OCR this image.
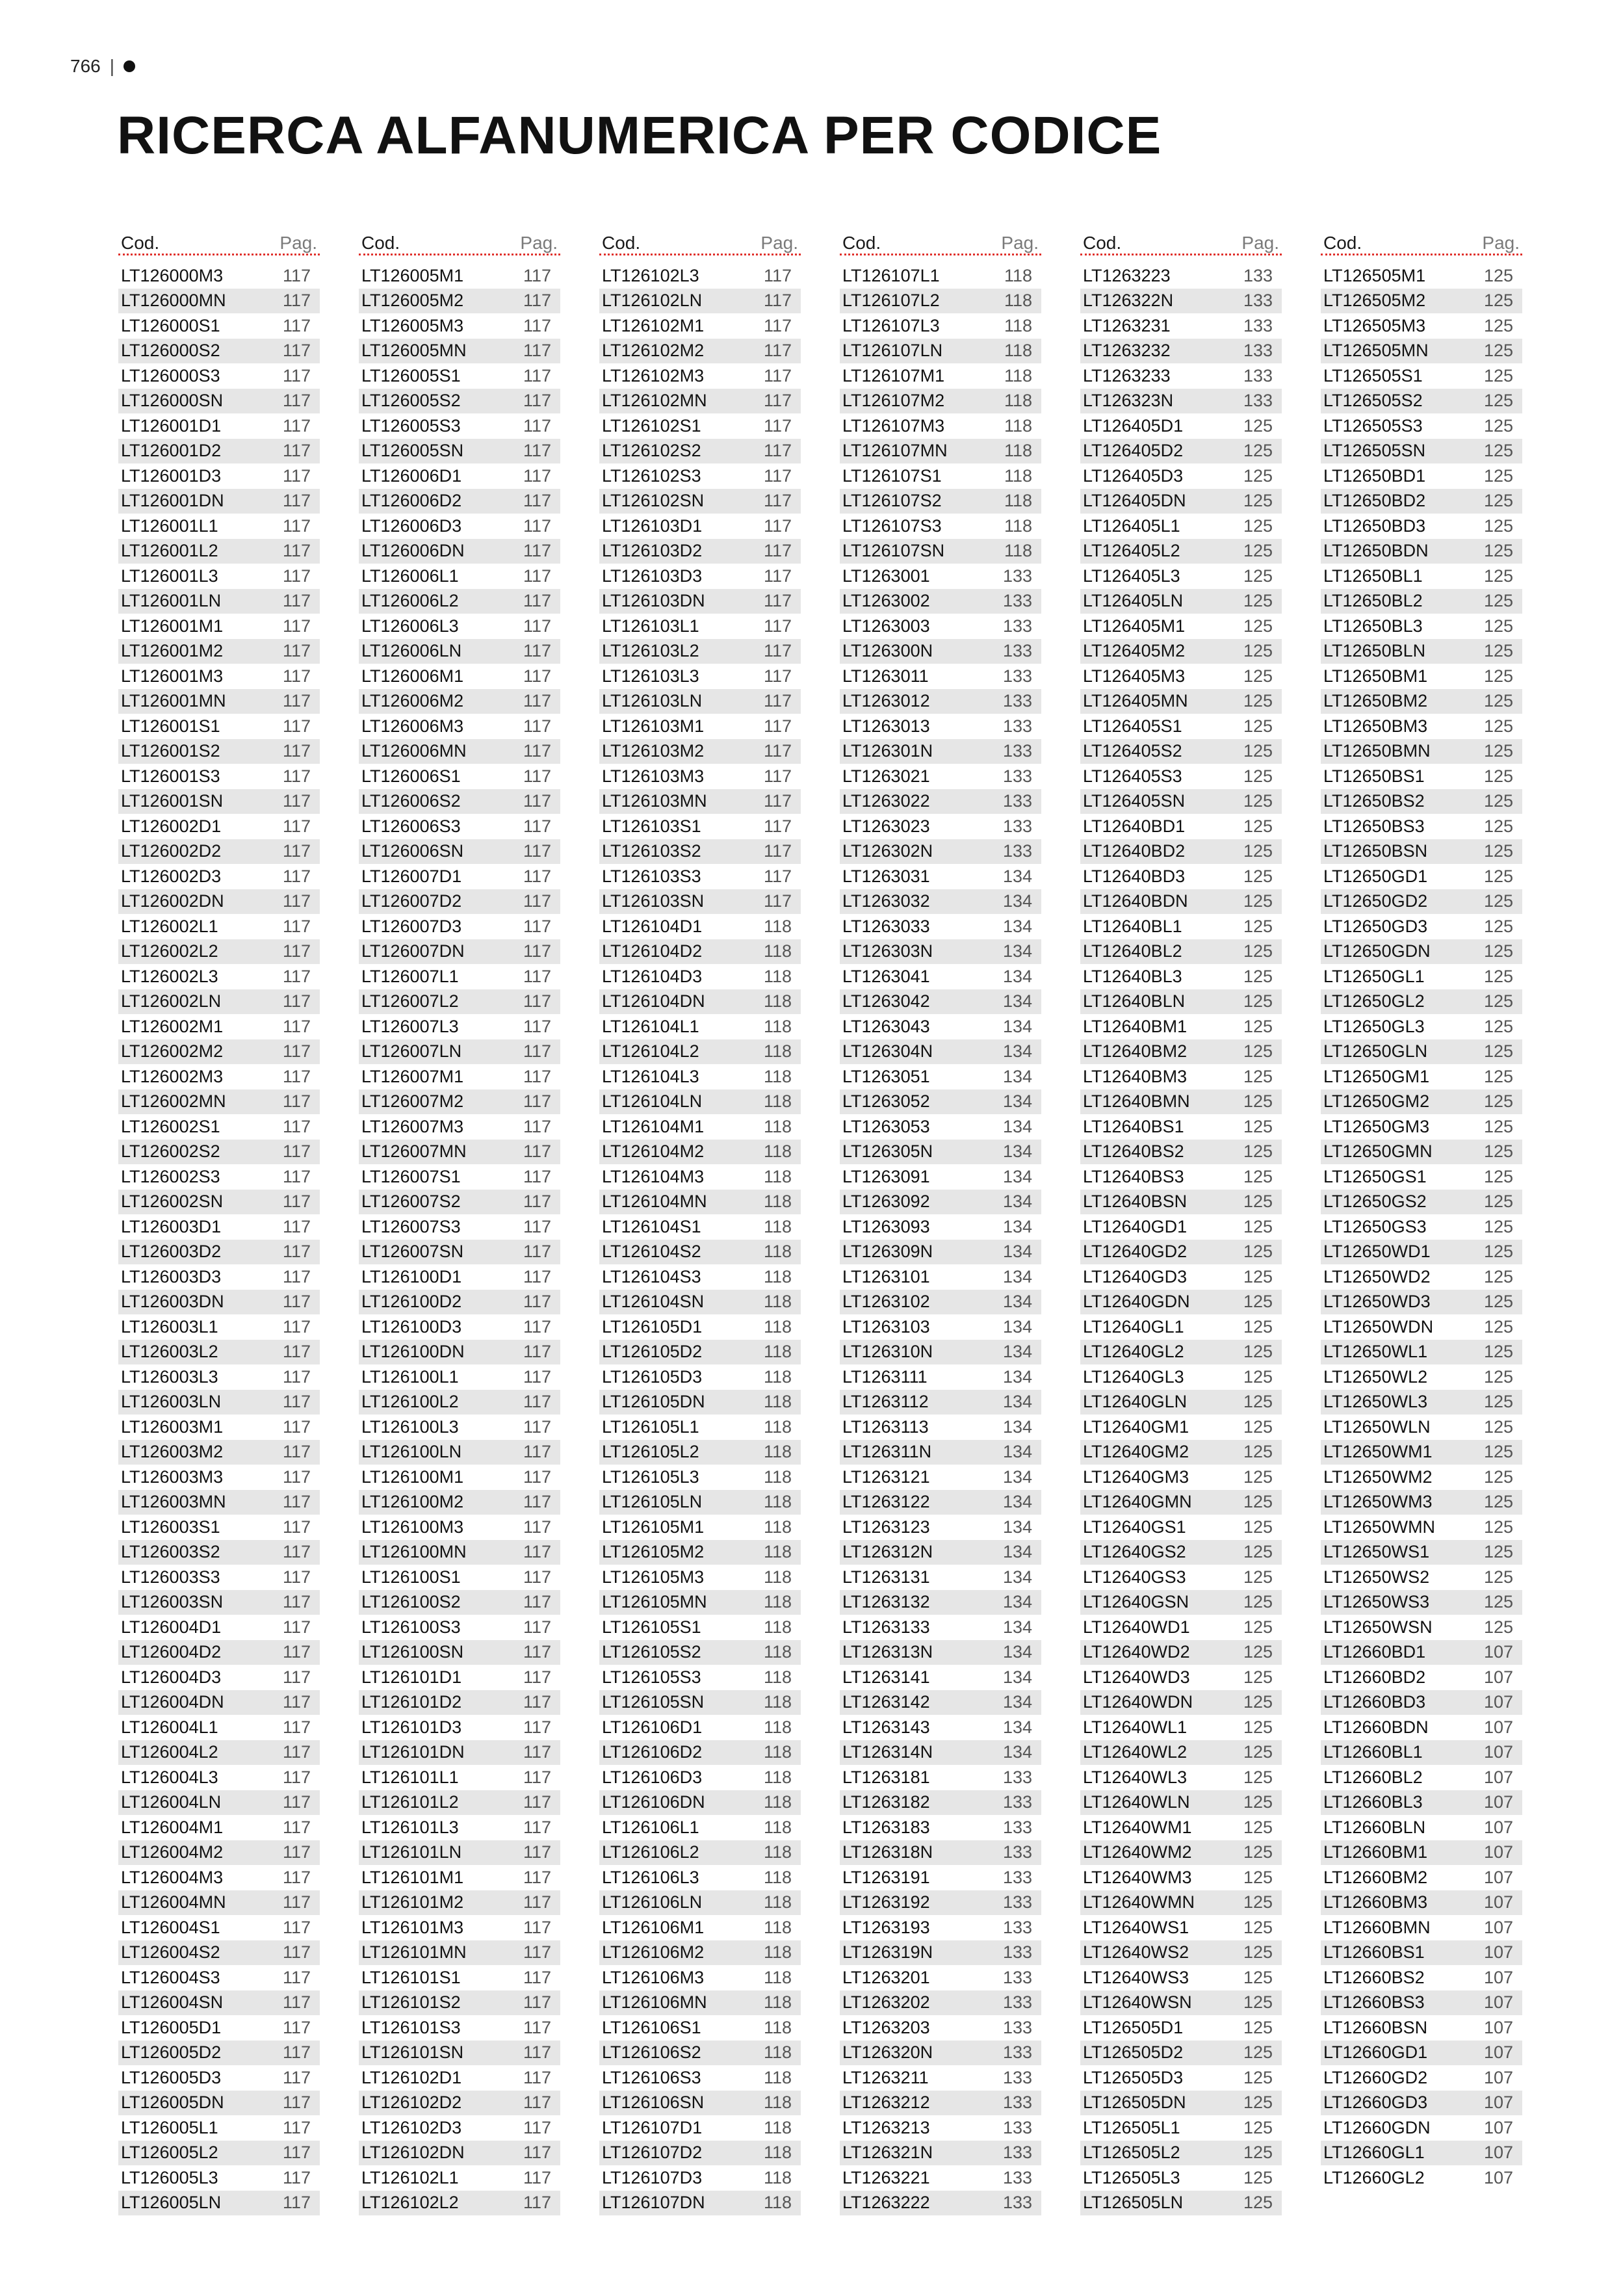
766 |
RICERCA ALFANUMERICA PER CODICE
Cod.	Pag.
LT126000M3	117
LT126000MN	117
LT126000S1	117
LT126000S2	117
LT126000S3	117
LT126000SN	117
LT126001D1	117
LT126001D2	117
LT126001D3	117
LT126001DN	117
LT126001L1	117
LT126001L2	117
LT126001L3	117
LT126001LN	117
LT126001M1	117
LT126001M2	117
LT126001M3	117
LT126001MN	117
LT126001S1	117
LT126001S2	117
LT126001S3	117
LT126001SN	117
LT126002D1	117
LT126002D2	117
LT126002D3	117
LT126002DN	117
LT126002L1	117
LT126002L2	117
LT126002L3	117
LT126002LN	117
LT126002M1	117
LT126002M2	117
LT126002M3	117
LT126002MN	117
LT126002S1	117
LT126002S2	117
LT126002S3	117
LT126002SN	117
LT126003D1	117
LT126003D2	117
LT126003D3	117
LT126003DN	117
LT126003L1	117
LT126003L2	117
LT126003L3	117
LT126003LN	117
LT126003M1	117
LT126003M2	117
LT126003M3	117
LT126003MN	117
LT126003S1	117
LT126003S2	117
LT126003S3	117
LT126003SN	117
LT126004D1	117
LT126004D2	117
LT126004D3	117
LT126004DN	117
LT126004L1	117
LT126004L2	117
LT126004L3	117
LT126004LN	117
LT126004M1	117
LT126004M2	117
LT126004M3	117
LT126004MN	117
LT126004S1	117
LT126004S2	117
LT126004S3	117
LT126004SN	117
LT126005D1	117
LT126005D2	117
LT126005D3	117
LT126005DN	117
LT126005L1	117
LT126005L2	117
LT126005L3	117
LT126005LN	117
Cod.	Pag.
LT126005M1	117
LT126005M2	117
LT126005M3	117
LT126005MN	117
LT126005S1	117
LT126005S2	117
LT126005S3	117
LT126005SN	117
LT126006D1	117
LT126006D2	117
LT126006D3	117
LT126006DN	117
LT126006L1	117
LT126006L2	117
LT126006L3	117
LT126006LN	117
LT126006M1	117
LT126006M2	117
LT126006M3	117
LT126006MN	117
LT126006S1	117
LT126006S2	117
LT126006S3	117
LT126006SN	117
LT126007D1	117
LT126007D2	117
LT126007D3	117
LT126007DN	117
LT126007L1	117
LT126007L2	117
LT126007L3	117
LT126007LN	117
LT126007M1	117
LT126007M2	117
LT126007M3	117
LT126007MN	117
LT126007S1	117
LT126007S2	117
LT126007S3	117
LT126007SN	117
LT126100D1	117
LT126100D2	117
LT126100D3	117
LT126100DN	117
LT126100L1	117
LT126100L2	117
LT126100L3	117
LT126100LN	117
LT126100M1	117
LT126100M2	117
LT126100M3	117
LT126100MN	117
LT126100S1	117
LT126100S2	117
LT126100S3	117
LT126100SN	117
LT126101D1	117
LT126101D2	117
LT126101D3	117
LT126101DN	117
LT126101L1	117
LT126101L2	117
LT126101L3	117
LT126101LN	117
LT126101M1	117
LT126101M2	117
LT126101M3	117
LT126101MN	117
LT126101S1	117
LT126101S2	117
LT126101S3	117
LT126101SN	117
LT126102D1	117
LT126102D2	117
LT126102D3	117
LT126102DN	117
LT126102L1	117
LT126102L2	117
Cod.	Pag.
LT126102L3	117
LT126102LN	117
LT126102M1	117
LT126102M2	117
LT126102M3	117
LT126102MN	117
LT126102S1	117
LT126102S2	117
LT126102S3	117
LT126102SN	117
LT126103D1	117
LT126103D2	117
LT126103D3	117
LT126103DN	117
LT126103L1	117
LT126103L2	117
LT126103L3	117
LT126103LN	117
LT126103M1	117
LT126103M2	117
LT126103M3	117
LT126103MN	117
LT126103S1	117
LT126103S2	117
LT126103S3	117
LT126103SN	117
LT126104D1	118
LT126104D2	118
LT126104D3	118
LT126104DN	118
LT126104L1	118
LT126104L2	118
LT126104L3	118
LT126104LN	118
LT126104M1	118
LT126104M2	118
LT126104M3	118
LT126104MN	118
LT126104S1	118
LT126104S2	118
LT126104S3	118
LT126104SN	118
LT126105D1	118
LT126105D2	118
LT126105D3	118
LT126105DN	118
LT126105L1	118
LT126105L2	118
LT126105L3	118
LT126105LN	118
LT126105M1	118
LT126105M2	118
LT126105M3	118
LT126105MN	118
LT126105S1	118
LT126105S2	118
LT126105S3	118
LT126105SN	118
LT126106D1	118
LT126106D2	118
LT126106D3	118
LT126106DN	118
LT126106L1	118
LT126106L2	118
LT126106L3	118
LT126106LN	118
LT126106M1	118
LT126106M2	118
LT126106M3	118
LT126106MN	118
LT126106S1	118
LT126106S2	118
LT126106S3	118
LT126106SN	118
LT126107D1	118
LT126107D2	118
LT126107D3	118
LT126107DN	118
Cod.	Pag.
LT126107L1	118
LT126107L2	118
LT126107L3	118
LT126107LN	118
LT126107M1	118
LT126107M2	118
LT126107M3	118
LT126107MN	118
LT126107S1	118
LT126107S2	118
LT126107S3	118
LT126107SN	118
LT1263001	133
LT1263002	133
LT1263003	133
LT126300N	133
LT1263011	133
LT1263012	133
LT1263013	133
LT126301N	133
LT1263021	133
LT1263022	133
LT1263023	133
LT126302N	133
LT1263031	134
LT1263032	134
LT1263033	134
LT126303N	134
LT1263041	134
LT1263042	134
LT1263043	134
LT126304N	134
LT1263051	134
LT1263052	134
LT1263053	134
LT126305N	134
LT1263091	134
LT1263092	134
LT1263093	134
LT126309N	134
LT1263101	134
LT1263102	134
LT1263103	134
LT126310N	134
LT1263111	134
LT1263112	134
LT1263113	134
LT126311N	134
LT1263121	134
LT1263122	134
LT1263123	134
LT126312N	134
LT1263131	134
LT1263132	134
LT1263133	134
LT126313N	134
LT1263141	134
LT1263142	134
LT1263143	134
LT126314N	134
LT1263181	133
LT1263182	133
LT1263183	133
LT126318N	133
LT1263191	133
LT1263192	133
LT1263193	133
LT126319N	133
LT1263201	133
LT1263202	133
LT1263203	133
LT126320N	133
LT1263211	133
LT1263212	133
LT1263213	133
LT126321N	133
LT1263221	133
LT1263222	133
Cod.	Pag.
LT1263223	133
LT126322N	133
LT1263231	133
LT1263232	133
LT1263233	133
LT126323N	133
LT126405D1	125
LT126405D2	125
LT126405D3	125
LT126405DN	125
LT126405L1	125
LT126405L2	125
LT126405L3	125
LT126405LN	125
LT126405M1	125
LT126405M2	125
LT126405M3	125
LT126405MN	125
LT126405S1	125
LT126405S2	125
LT126405S3	125
LT126405SN	125
LT12640BD1	125
LT12640BD2	125
LT12640BD3	125
LT12640BDN	125
LT12640BL1	125
LT12640BL2	125
LT12640BL3	125
LT12640BLN	125
LT12640BM1	125
LT12640BM2	125
LT12640BM3	125
LT12640BMN	125
LT12640BS1	125
LT12640BS2	125
LT12640BS3	125
LT12640BSN	125
LT12640GD1	125
LT12640GD2	125
LT12640GD3	125
LT12640GDN	125
LT12640GL1	125
LT12640GL2	125
LT12640GL3	125
LT12640GLN	125
LT12640GM1	125
LT12640GM2	125
LT12640GM3	125
LT12640GMN	125
LT12640GS1	125
LT12640GS2	125
LT12640GS3	125
LT12640GSN	125
LT12640WD1	125
LT12640WD2	125
LT12640WD3	125
LT12640WDN	125
LT12640WL1	125
LT12640WL2	125
LT12640WL3	125
LT12640WLN	125
LT12640WM1	125
LT12640WM2	125
LT12640WM3	125
LT12640WMN	125
LT12640WS1	125
LT12640WS2	125
LT12640WS3	125
LT12640WSN	125
LT126505D1	125
LT126505D2	125
LT126505D3	125
LT126505DN	125
LT126505L1	125
LT126505L2	125
LT126505L3	125
LT126505LN	125
Cod.	Pag.
LT126505M1	125
LT126505M2	125
LT126505M3	125
LT126505MN	125
LT126505S1	125
LT126505S2	125
LT126505S3	125
LT126505SN	125
LT12650BD1	125
LT12650BD2	125
LT12650BD3	125
LT12650BDN	125
LT12650BL1	125
LT12650BL2	125
LT12650BL3	125
LT12650BLN	125
LT12650BM1	125
LT12650BM2	125
LT12650BM3	125
LT12650BMN	125
LT12650BS1	125
LT12650BS2	125
LT12650BS3	125
LT12650BSN	125
LT12650GD1	125
LT12650GD2	125
LT12650GD3	125
LT12650GDN	125
LT12650GL1	125
LT12650GL2	125
LT12650GL3	125
LT12650GLN	125
LT12650GM1	125
LT12650GM2	125
LT12650GM3	125
LT12650GMN	125
LT12650GS1	125
LT12650GS2	125
LT12650GS3	125
LT12650WD1	125
LT12650WD2	125
LT12650WD3	125
LT12650WDN	125
LT12650WL1	125
LT12650WL2	125
LT12650WL3	125
LT12650WLN	125
LT12650WM1	125
LT12650WM2	125
LT12650WM3	125
LT12650WMN	125
LT12650WS1	125
LT12650WS2	125
LT12650WS3	125
LT12650WSN	125
LT12660BD1	107
LT12660BD2	107
LT12660BD3	107
LT12660BDN	107
LT12660BL1	107
LT12660BL2	107
LT12660BL3	107
LT12660BLN	107
LT12660BM1	107
LT12660BM2	107
LT12660BM3	107
LT12660BMN	107
LT12660BS1	107
LT12660BS2	107
LT12660BS3	107
LT12660BSN	107
LT12660GD1	107
LT12660GD2	107
LT12660GD3	107
LT12660GDN	107
LT12660GL1	107
LT12660GL2	107
